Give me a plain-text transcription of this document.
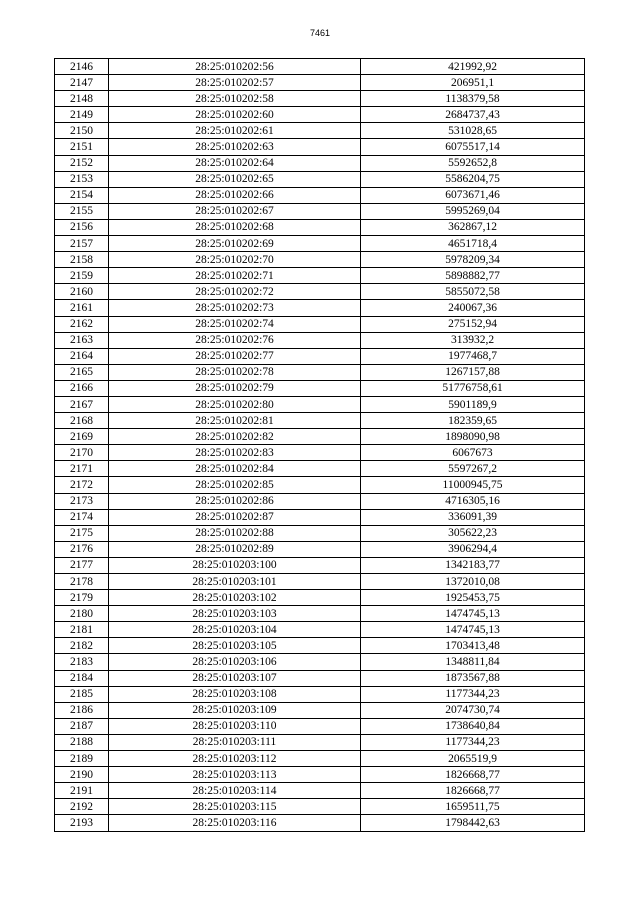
7461
2146	28:25:010202:56	421992,92
2147	28:25:010202:57	206951,1
2148	28:25:010202:58	1138379,58
2149	28:25:010202:60	2684737,43
2150	28:25:010202:61	531028,65
2151	28:25:010202:63	6075517,14
2152	28:25:010202:64	5592652,8
2153	28:25:010202:65	5586204,75
2154	28:25:010202:66	6073671,46
2155	28:25:010202:67	5995269,04
2156	28:25:010202:68	362867,12
2157	28:25:010202:69	4651718,4
2158	28:25:010202:70	5978209,34
2159	28:25:010202:71	5898882,77
2160	28:25:010202:72	5855072,58
2161	28:25:010202:73	240067,36
2162	28:25:010202:74	275152,94
2163	28:25:010202:76	313932,2
2164	28:25:010202:77	1977468,7
2165	28:25:010202:78	1267157,88
2166	28:25:010202:79	51776758,61
2167	28:25:010202:80	5901189,9
2168	28:25:010202:81	182359,65
2169	28:25:010202:82	1898090,98
2170	28:25:010202:83	6067673
2171	28:25:010202:84	5597267,2
2172	28:25:010202:85	11000945,75
2173	28:25:010202:86	4716305,16
2174	28:25:010202:87	336091,39
2175	28:25:010202:88	305622,23
2176	28:25:010202:89	3906294,4
2177	28:25:010203:100	1342183,77
2178	28:25:010203:101	1372010,08
2179	28:25:010203:102	1925453,75
2180	28:25:010203:103	1474745,13
2181	28:25:010203:104	1474745,13
2182	28:25:010203:105	1703413,48
2183	28:25:010203:106	1348811,84
2184	28:25:010203:107	1873567,88
2185	28:25:010203:108	1177344,23
2186	28:25:010203:109	2074730,74
2187	28:25:010203:110	1738640,84
2188	28:25:010203:111	1177344,23
2189	28:25:010203:112	2065519,9
2190	28:25:010203:113	1826668,77
2191	28:25:010203:114	1826668,77
2192	28:25:010203:115	1659511,75
2193	28:25:010203:116	1798442,63
